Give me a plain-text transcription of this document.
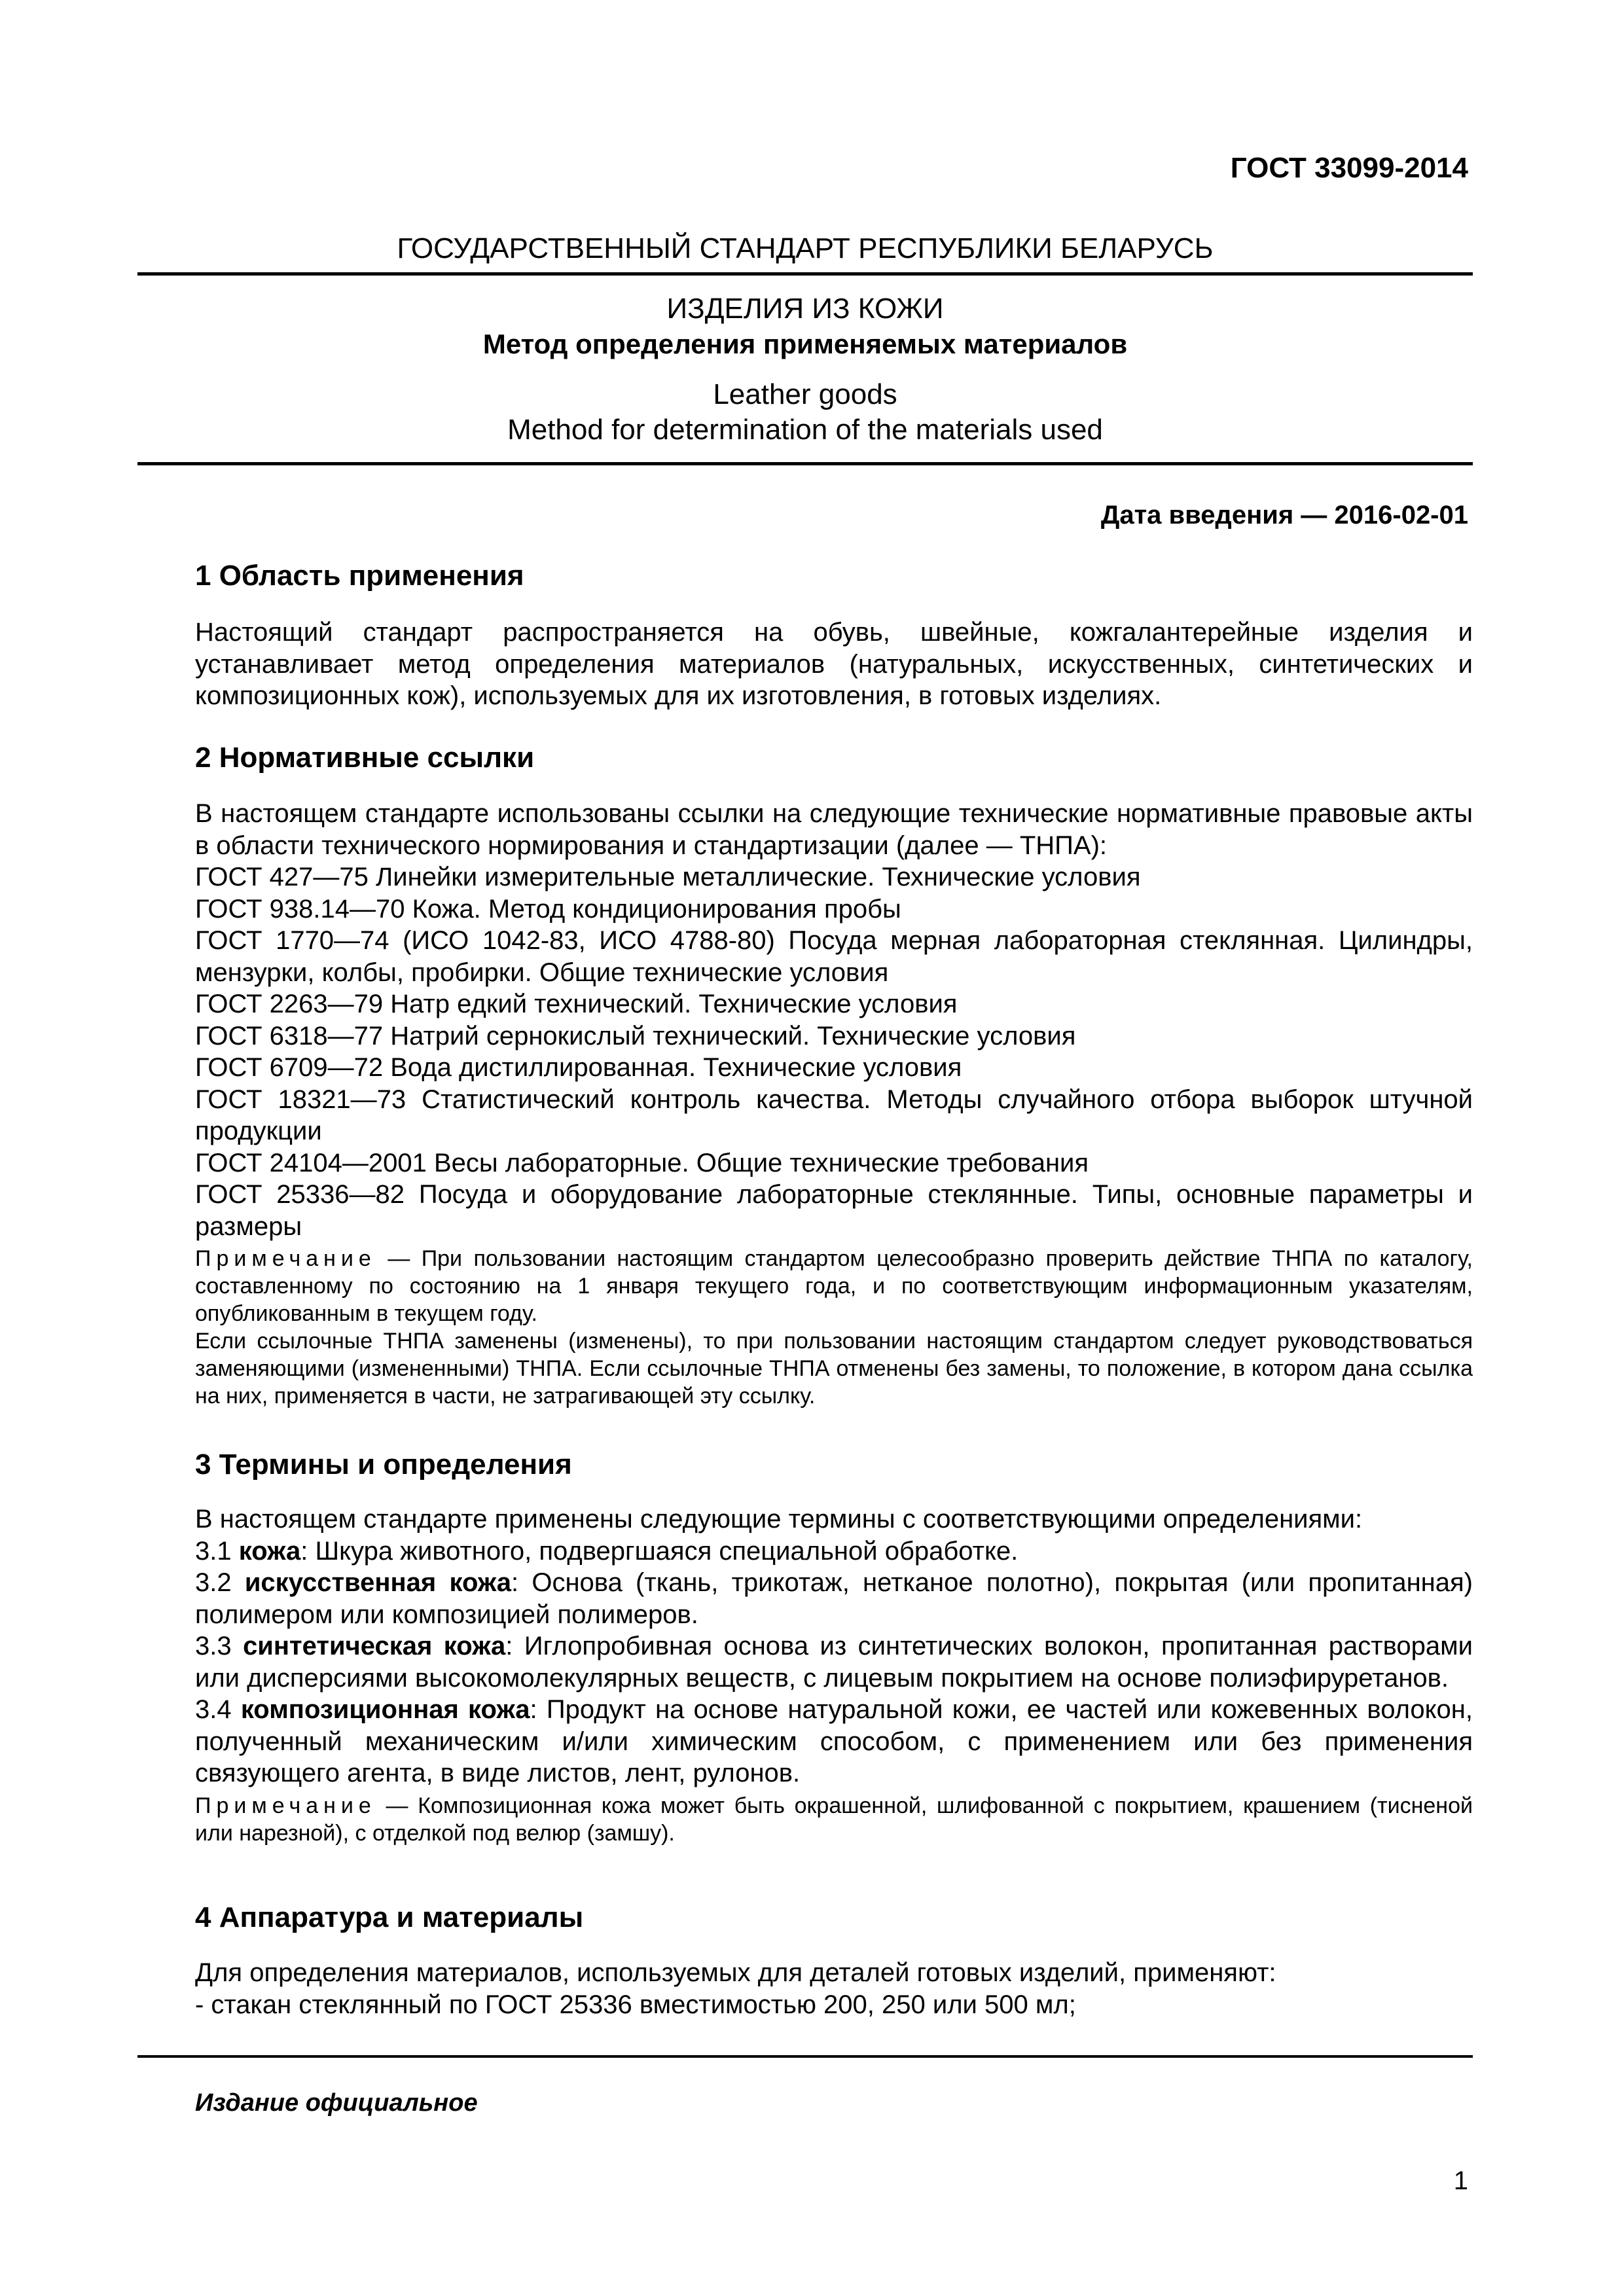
ГОСТ 33099-2014
ГОСУДАРСТВЕННЫЙ СТАНДАРТ РЕСПУБЛИКИ БЕЛАРУСЬ
ИЗДЕЛИЯ ИЗ КОЖИ
Метод определения применяемых материалов
Leather goods
Method for determination of the materials used
Дата введения — 2016-02-01
1 Область применения

Настоящий стандарт распространяется на обувь, швейные, кожгалантерейные изделия и устанавливает метод определения материалов (натуральных, искусственных, синтетических и композиционных кож), используемых для их изготовления, в готовых изделиях.

2 Нормативные ссылки

В настоящем стандарте использованы ссылки на следующие технические нормативные правовые акты в области технического нормирования и стандартизации (далее — ТНПА):

ГОСТ 427—75 Линейки измерительные металлические. Технические условия

ГОСТ 938.14—70 Кожа. Метод кондиционирования пробы

ГОСТ 1770—74 (ИСО 1042-83, ИСО 4788-80) Посуда мерная лабораторная стеклянная. Цилиндры, мензурки, колбы, пробирки. Общие технические условия

ГОСТ 2263—79 Натр едкий технический. Технические условия

ГОСТ 6318—77 Натрий сернокислый технический. Технические условия

ГОСТ 6709—72 Вода дистиллированная. Технические условия

ГОСТ 18321—73 Статистический контроль качества. Методы случайного отбора выборок штучной продукции

ГОСТ 24104—2001 Весы лабораторные. Общие технические требования

ГОСТ 25336—82 Посуда и оборудование лабораторные стеклянные. Типы, основные параметры и размеры

Примечание — При пользовании настоящим стандартом целесообразно проверить действие ТНПА по каталогу, составленному по состоянию на 1 января текущего года, и по соответствующим информационным указателям, опубликованным в текущем году.

Если ссылочные ТНПА заменены (изменены), то при пользовании настоящим стандартом следует руководствоваться заменяющими (измененными) ТНПА. Если ссылочные ТНПА отменены без замены, то положение, в котором дана ссылка на них, применяется в части, не затрагивающей эту ссылку.

3 Термины и определения

В настоящем стандарте применены следующие термины с соответствующими определениями:

3.1 кожа: Шкура животного, подвергшаяся специальной обработке.

3.2 искусственная кожа: Основа (ткань, трикотаж, нетканое полотно), покрытая (или пропитанная) полимером или композицией полимеров.

3.3 синтетическая кожа: Иглопробивная основа из синтетических волокон, пропитанная растворами или дисперсиями высокомолекулярных веществ, с лицевым покрытием на основе полиэфируретанов.

3.4 композиционная кожа: Продукт на основе натуральной кожи, ее частей или кожевенных волокон, полученный механическим и/или химическим способом, с применением или без применения связующего агента, в виде листов, лент, рулонов.

Примечание — Композиционная кожа может быть окрашенной, шлифованной с покрытием, крашением (тисненой или нарезной), с отделкой под велюр (замшу).

4 Аппаратура и материалы

Для определения материалов, используемых для деталей готовых изделий, применяют:

- стакан стеклянный по ГОСТ 25336 вместимостью 200, 250 или 500 мл;

Издание официальное
1
